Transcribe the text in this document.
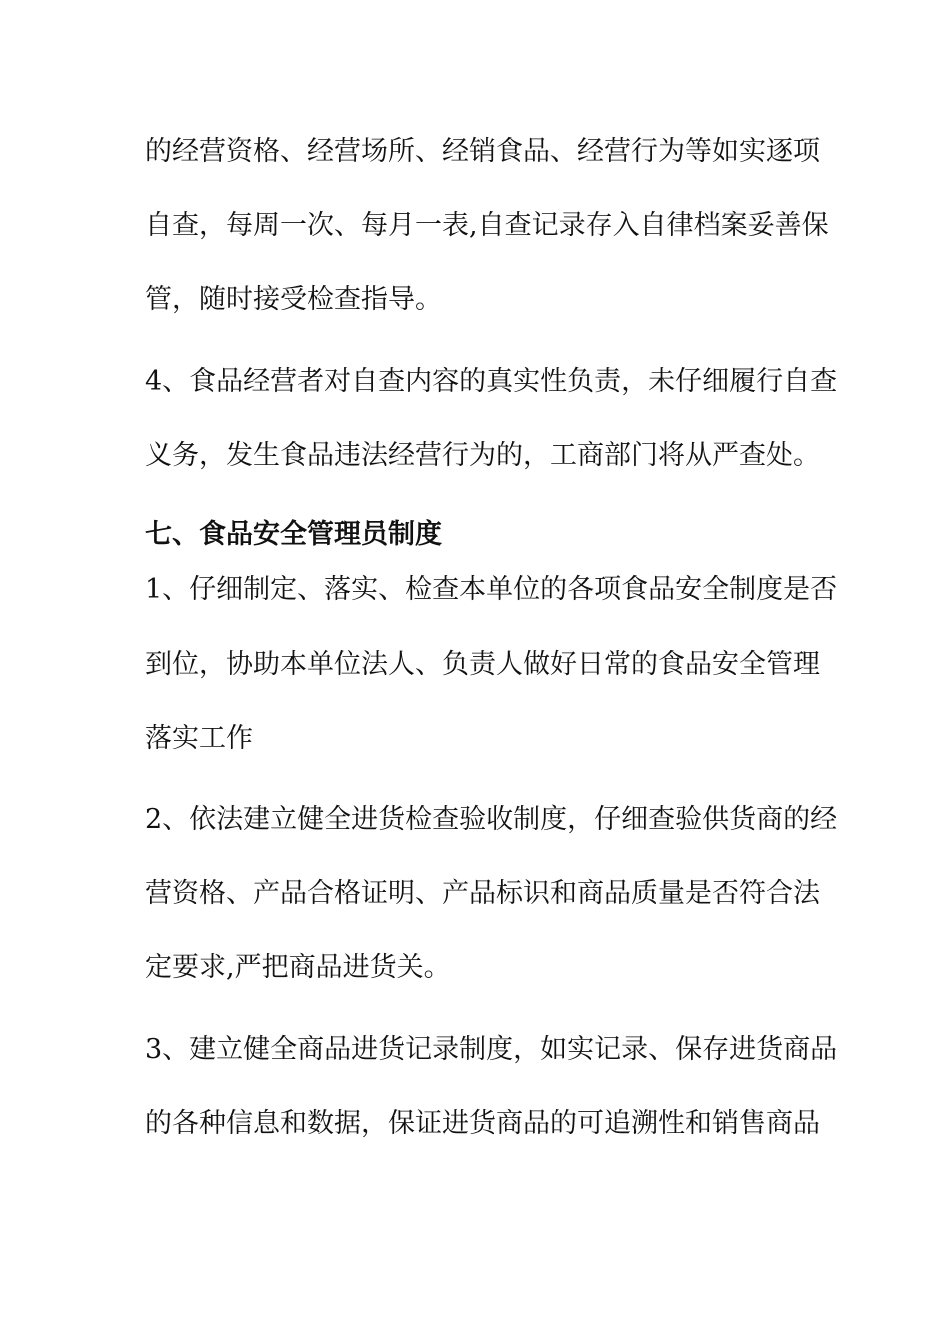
的经营资格、经营场所、经销食品、经营行为等如实逐项
自查，每周一次、每月一表,自查记录存入自律档案妥善保
管，随时接受检查指导。
4、食品经营者对自查内容的真实性负责，未仔细履行自查
义务，发生食品违法经营行为的，工商部门将从严查处。
七、食品安全管理员制度
1、仔细制定、落实、检查本单位的各项食品安全制度是否
到位，协助本单位法人、负责人做好日常的食品安全管理
落实工作
2、依法建立健全进货检查验收制度，仔细查验供货商的经
营资格、产品合格证明、产品标识和商品质量是否符合法
定要求,严把商品进货关。
3、建立健全商品进货记录制度，如实记录、保存进货商品
的各种信息和数据，保证进货商品的可追溯性和销售商品
